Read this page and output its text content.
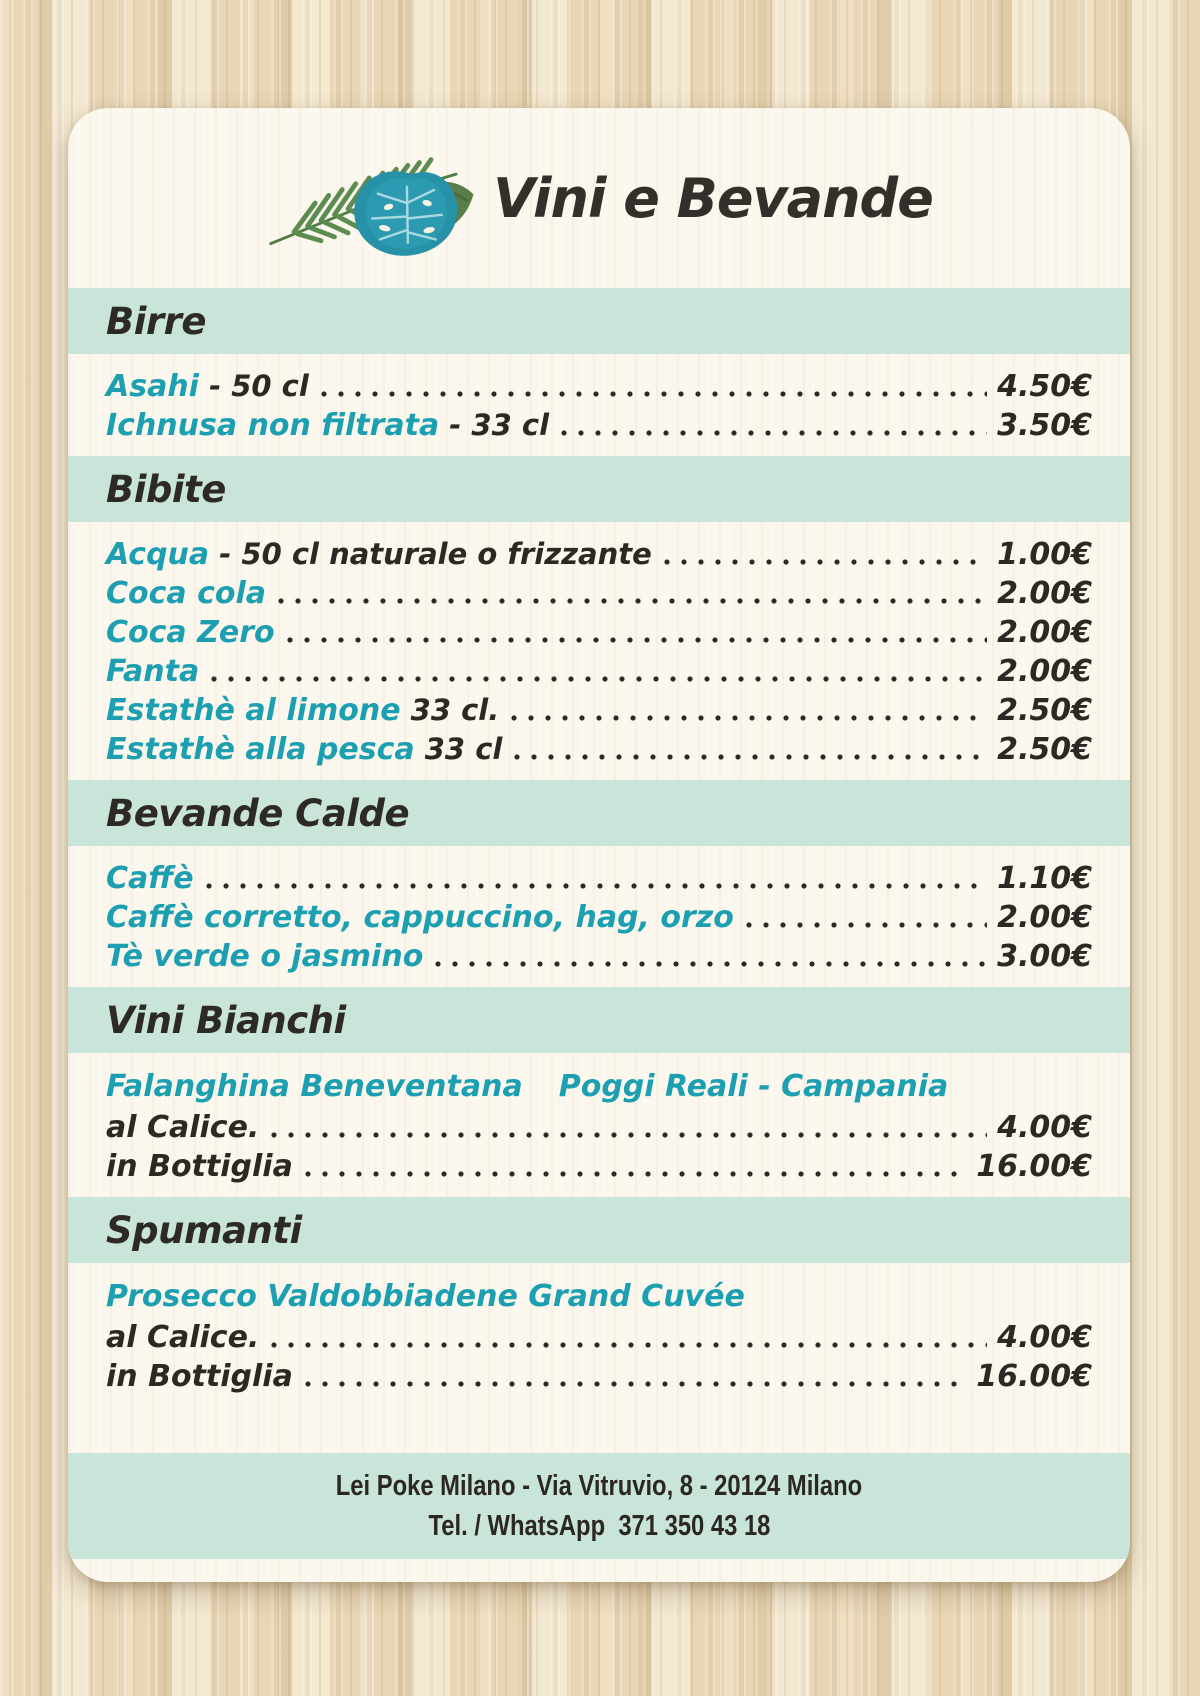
Vini e Bevande
Birre
Asahi - 50 cl	4.50€
Ichnusa non filtrata - 33 cl	3.50€
Bibite
Acqua - 50 cl naturale o frizzante	1.00€
Coca cola	2.00€
Coca Zero	2.00€
Fanta	2.00€
Estathè al limone 33 cl.	2.50€
Estathè alla pesca 33 cl	2.50€
Bevande Calde
Caffè	1.10€
Caffè corretto, cappuccino, hag, orzo	2.00€
Tè verde o jasmino	3.00€
Vini Bianchi
Falanghina Beneventana Poggi Reali - Campania
al Calice.	4.00€
in Bottiglia	16.00€
Spumanti
Prosecco Valdobbiadene Grand Cuvée
al Calice.	4.00€
in Bottiglia	16.00€
Lei Poke Milano - Via Vitruvio, 8 - 20124 Milano
Tel. / WhatsApp  371 350 43 18
